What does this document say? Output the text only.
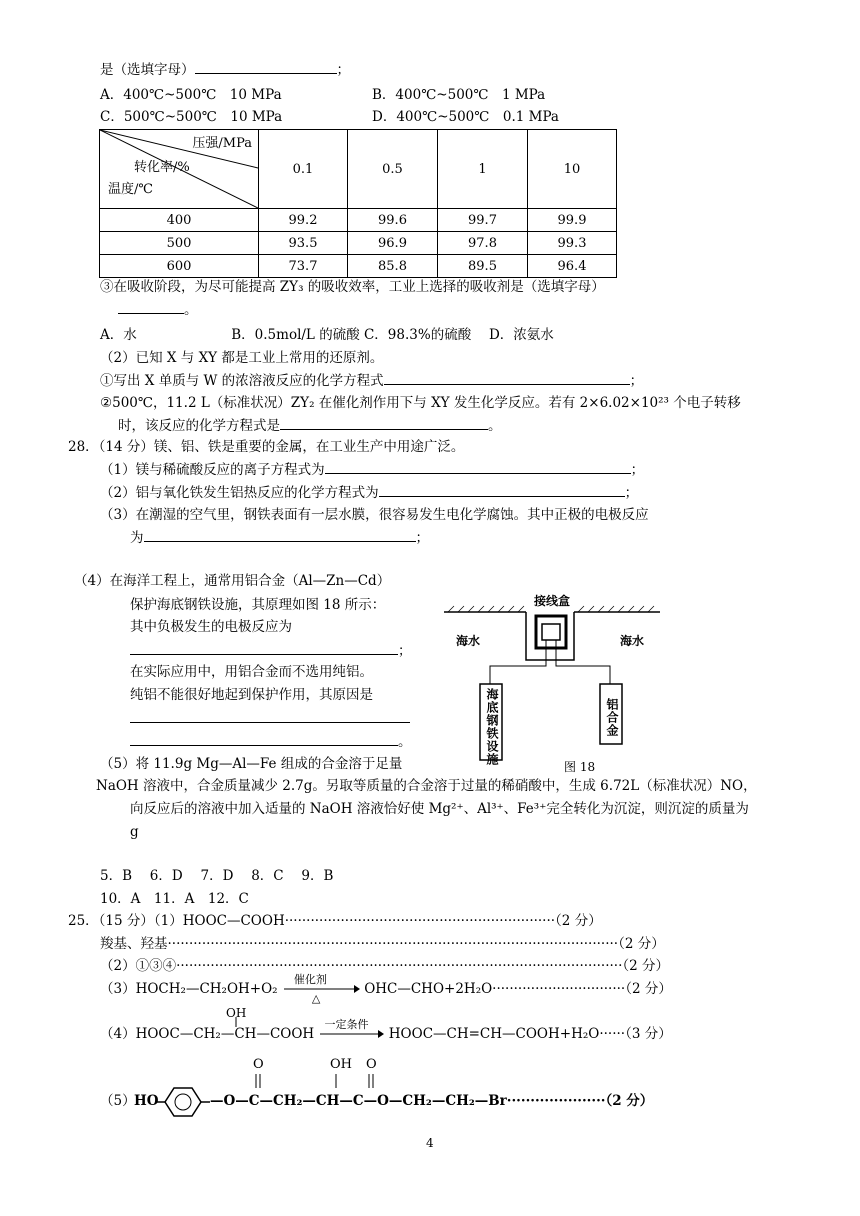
是（选填字母）	；
A．400℃~500℃　10 MPa	B．400℃~500℃　1 MPa
C．500℃~500℃　10 MPa	D．400℃~500℃　0.1 MPa
压强/MPa
转化率/%
温度/℃	0.1	0.5	1	10
400	99.2	99.6	99.7	99.9
500	93.5	96.9	97.8	99.3
600	73.7	85.8	89.5	96.4
③在吸收阶段，为尽可能提高 ZY₃ 的吸收效率，工业上选择的吸收剂是（选填字母）
。
A．水　　　　　　　B．0.5mol/L 的硫酸 C．98.3%的硫酸　 D．浓氨水
（2）已知 X 与 XY 都是工业上常用的还原剂。
①写出 X 单质与 W 的浓溶液反应的化学方程式	；
②500℃，11.2 L（标准状况）ZY₂ 在催化剂作用下与 XY 发生化学反应。若有 2×6.02×10²³ 个电子转移
时，该反应的化学方程式是	。
28．（14 分）镁、铝、铁是重要的金属，在工业生产中用途广泛。
（1）镁与稀硫酸反应的离子方程式为	；
（2）铝与氧化铁发生铝热反应的化学方程式为	；
（3）在潮湿的空气里，钢铁表面有一层水膜，很容易发生电化学腐蚀。其中正极的电极反应
为	；
（4）在海洋工程上，通常用铝合金（Al—Zn—Cd）
保护海底钢铁设施，其原理如图 18 所示：
其中负极发生的电极反应为
；
在实际应用中，用铝合金而不选用纯铝。
纯铝不能很好地起到保护作用，其原因是
。
（5）将 11.9g Mg—Al—Fe 组成的合金溶于足量
NaOH 溶液中，合金质量减少 2.7g。另取等质量的合金溶于过量的稀硝酸中，生成 6.72L（标准状况）NO，
向反应后的溶液中加入适量的 NaOH 溶液恰好使 Mg²⁺、Al³⁺、Fe³⁺完全转化为沉淀，则沉淀的质量为
g
接线盒
海水	海水
海底钢铁设施	铝合金
图 18
5．B　 6．D　 7．D　 8．C　 9．B
10．A　11．A　12．C
25．（15 分）（1）HOOC—COOH·······························································（2 分）
羧基、羟基·········································································································（2 分）
（2）①③④········································································································（2 分）
（3）HOCH₂—CH₂OH+O₂
催化剂
△
OHC—CHO+2H₂O·······························（2 分）
OH
（4）HOOC—CH₂—CH—COOH
一定条件
HOOC—CH=CH—COOH+H₂O······（3 分）
O	OH O
（5）
HO	—O—C—CH₂—CH—C—O—CH₂—CH₂—Br·····················（2 分）
4
